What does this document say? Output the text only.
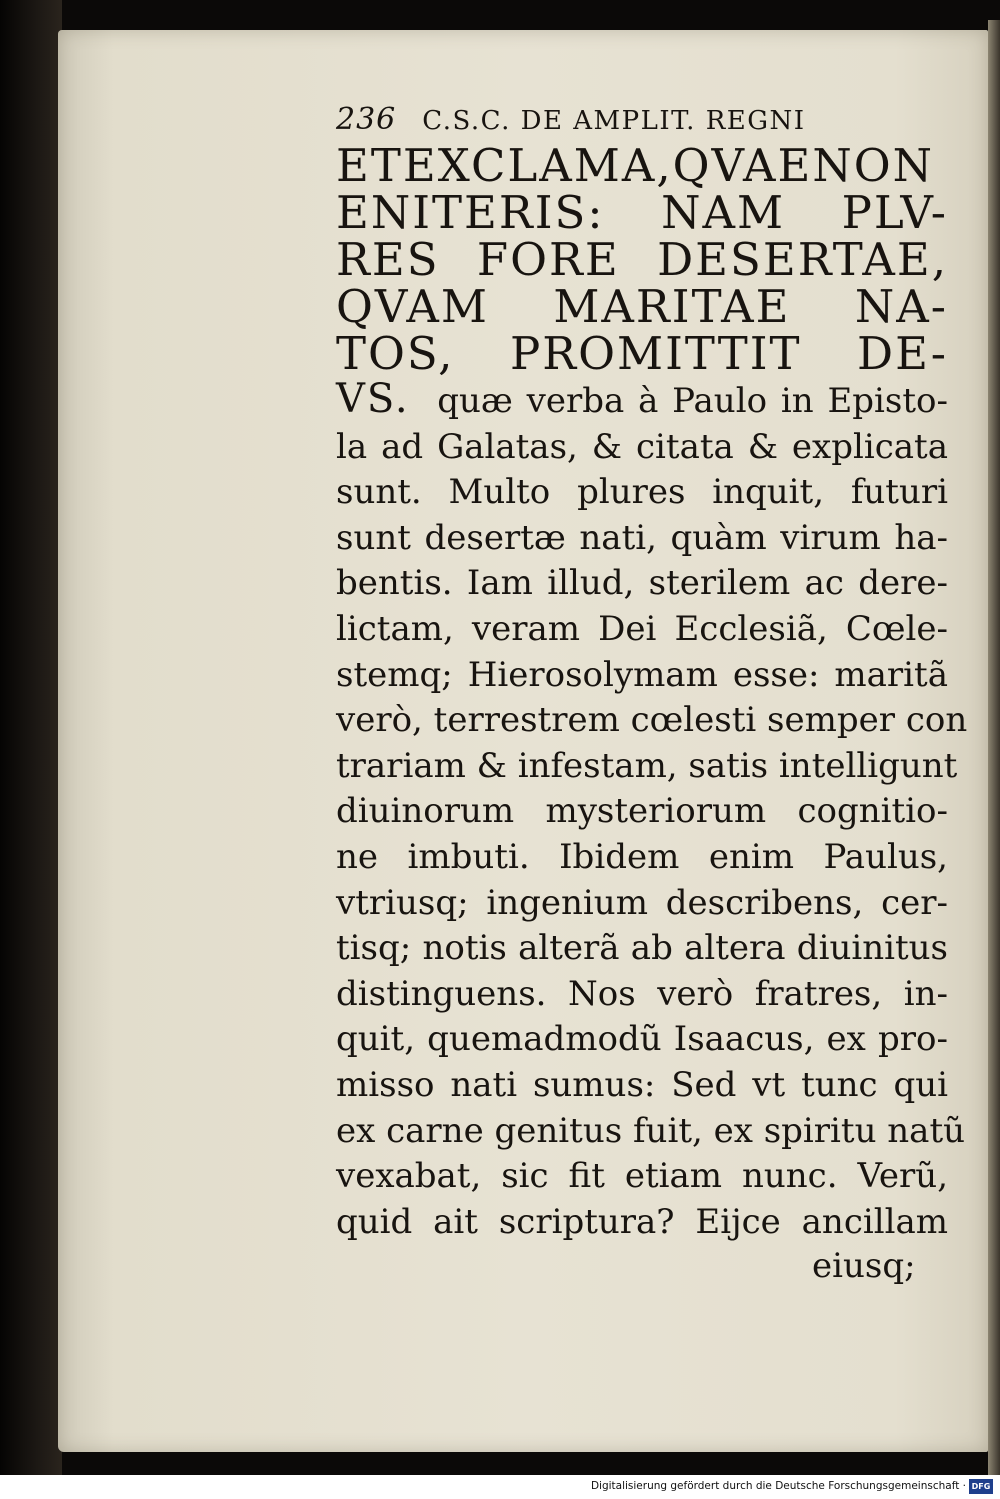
236 C.S.C. DE AMPLIT. REGNI
ETEXCLAMA,QVAENON
ENITERIS: NAM PLV-
RES FORE DESERTAE,
QVAM MARITAE NA-
TOS, PROMITTIT DE-
VS. quæ verba à Paulo in Episto-
la ad Galatas, & citata & explicata
sunt. Multo plures inquit, futuri
sunt desertæ nati, quàm virum ha-
bentis. Iam illud, sterilem ac dere-
lictam, veram Dei Ecclesiã, Cœle-
stemq; Hierosolymam esse: maritã
verò, terrestrem cœlesti semper con
trariam & infestam, satis intelligunt
diuinorum mysteriorum cognitio-
ne imbuti. Ibidem enim Paulus,
vtriusq; ingenium describens, cer-
tisq; notis alterã ab altera diuinitus
distinguens. Nos verò fratres, in-
quit, quemadmodũ Isaacus, ex pro-
misso nati sumus: Sed vt tunc qui
ex carne genitus fuit, ex spiritu natũ
vexabat, sic fit etiam nunc. Verũ,
quid ait scriptura? Eijce ancillam
eiusq;
Digitalisierung gefördert durch die Deutsche Forschungsgemeinschaft · DFG
